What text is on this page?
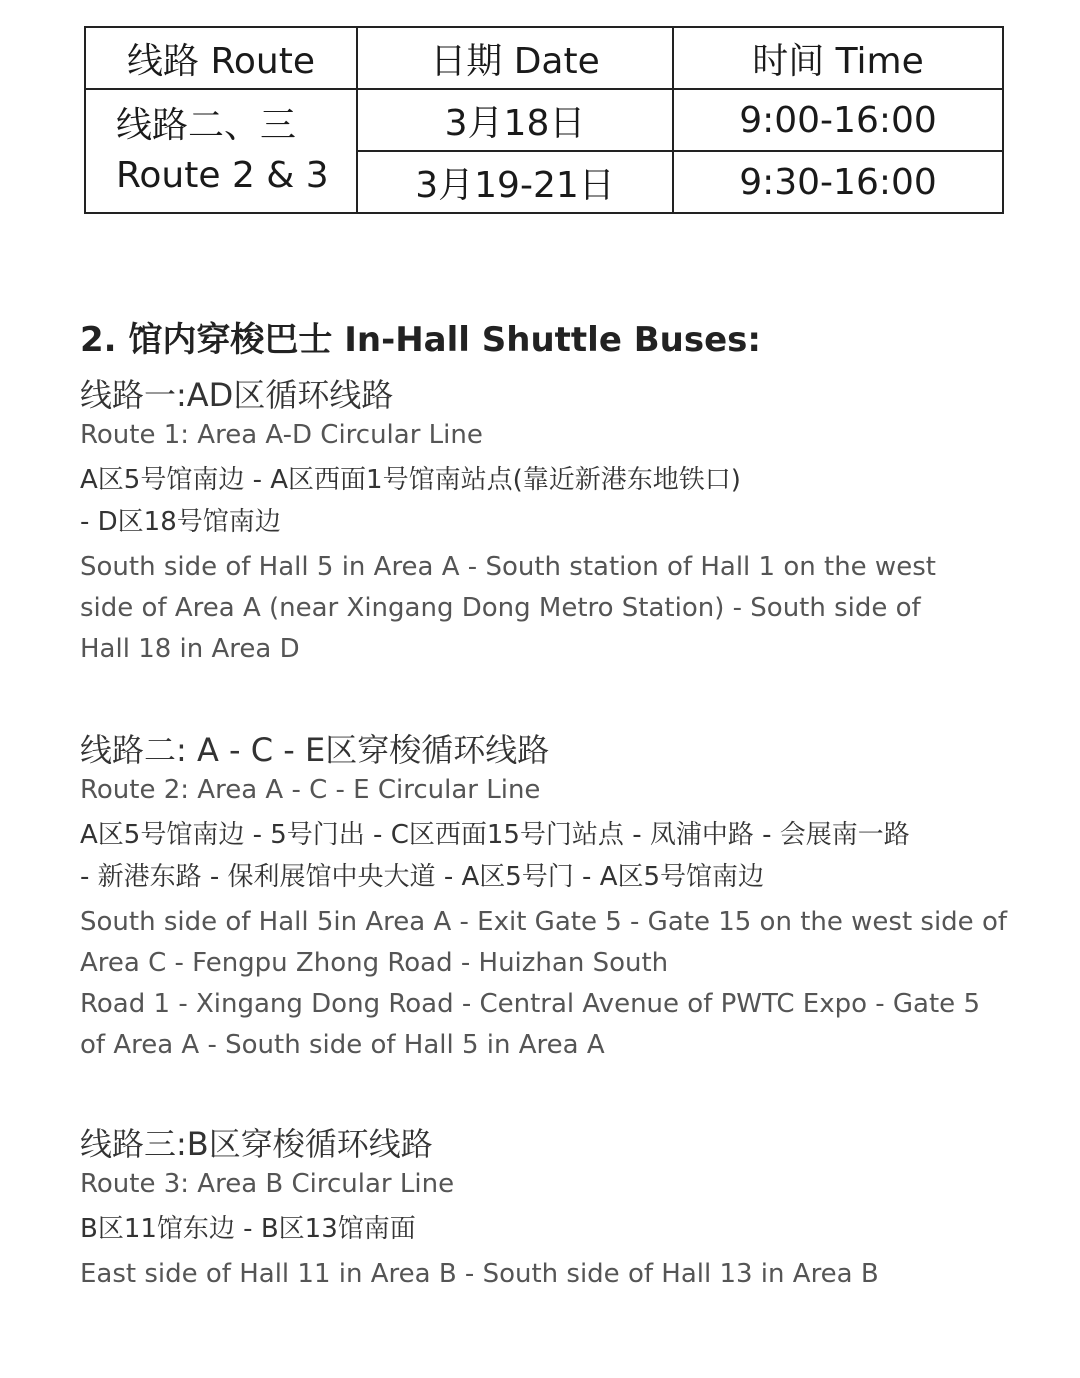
线路 Route	日期 Date	时间 Time

线路二、三
Route 2 & 3	3月18日	9:00-16:00
	3月19-21日	9:30-16:00
2. 馆内穿梭巴士 In-Hall Shuttle Buses:

线路一:AD区循环线路

Route 1: Area A-D Circular Line

A区5号馆南边 - A区西面1号馆南站点(靠近新港东地铁口)
- D区18号馆南边

South side of Hall 5 in Area A - South station of Hall 1 on the west
side of Area A (near Xingang Dong Metro Station) - South side of
Hall 18 in Area D

线路二: A - C - E区穿梭循环线路

Route 2: Area A - C - E Circular Line

A区5号馆南边 - 5号门出 - C区西面15号门站点 - 凤浦中路 - 会展南一路
- 新港东路 - 保利展馆中央大道 - A区5号门 - A区5号馆南边

South side of Hall 5in Area A - Exit Gate 5 - Gate 15 on the west side of
Area C - Fengpu Zhong Road - Huizhan South
Road 1 - Xingang Dong Road - Central Avenue of PWTC Expo - Gate 5
of Area A - South side of Hall 5 in Area A

线路三:B区穿梭循环线路

Route 3: Area B Circular Line

B区11馆东边 - B区13馆南面

East side of Hall 11 in Area B - South side of Hall 13 in Area B
